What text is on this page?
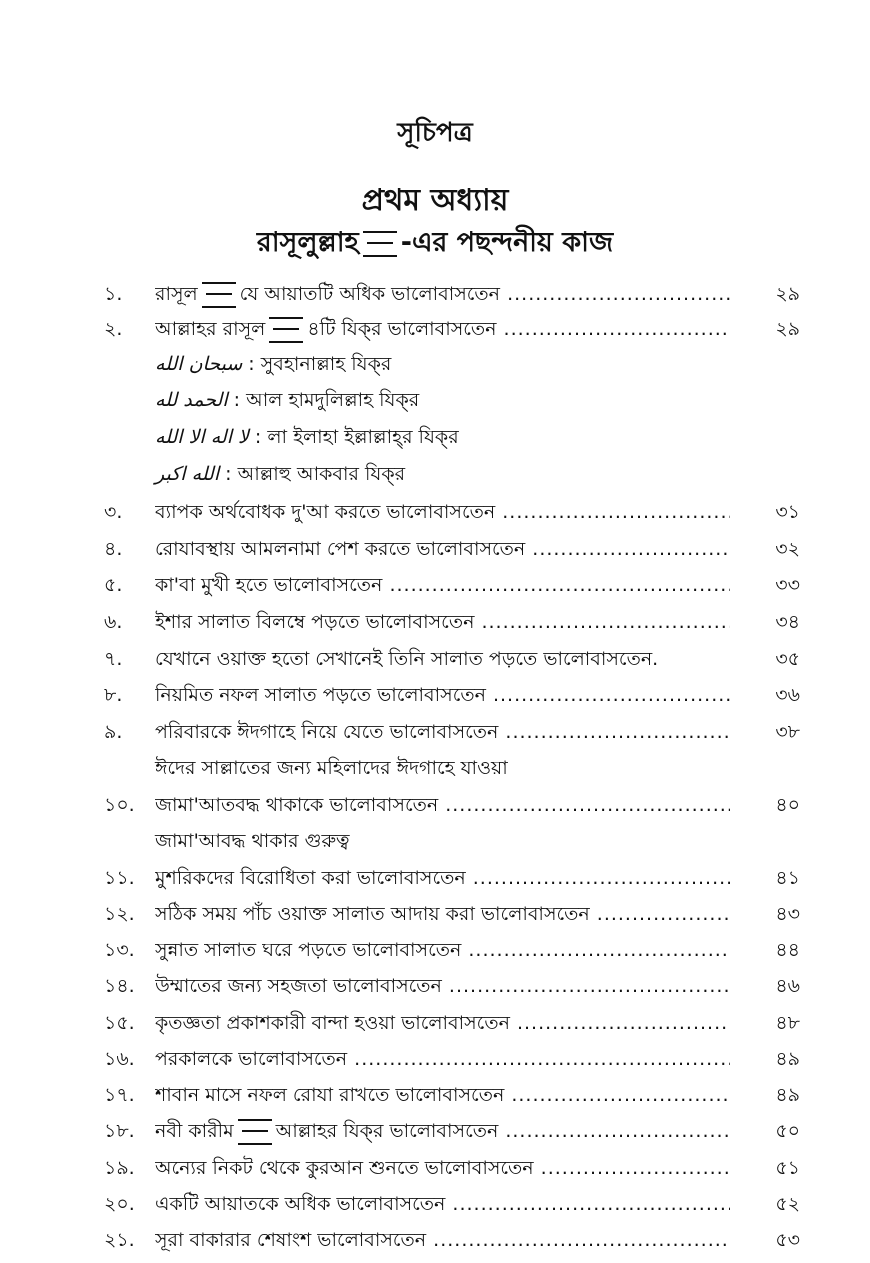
সূচিপত্র
প্রথম অধ্যায়
রাসূলুল্লাহ -এর পছন্দনীয় কাজ
১.	রাসূল যে আয়াতটি অধিক ভালোবাসতেন .....	২৯
২.	আল্লাহর রাসূল ৪টি যিক্‌র ভালোবাসতেন .....	২৯
سبحان الله : সুবহানাল্লাহ যিক্‌র
الحمد لله : আল হামদুলিল্লাহ যিক্‌র
لا اله الا الله : লা ইলাহা ইল্লাল্লাহ্‌র যিক্‌র
الله اكبر : আল্লাহু আকবার যিক্‌র
৩.	ব্যাপক অর্থবোধক দু'আ করতে ভালোবাসতেন .....	৩১
৪.	রোযাবস্থায় আমলনামা পেশ করতে ভালোবাসতেন .....	৩২
৫.	কা'বা মুখী হতে ভালোবাসতেন .....	৩৩
৬.	ইশার সালাত বিলম্বে পড়তে ভালোবাসতেন .....	৩৪
৭.	যেখানে ওয়াক্ত হতো সেখানেই তিনি সালাত পড়তে ভালোবাসতেন.	৩৫
৮.	নিয়মিত নফল সালাত পড়তে ভালোবাসতেন .....	৩৬
৯.	পরিবারকে ঈদগাহে নিয়ে যেতে ভালোবাসতেন .....	৩৮
ঈদের সাল্লাতের জন্য মহিলাদের ঈদগাহে যাওয়া
১০.	জামা'আতবদ্ধ থাকাকে ভালোবাসতেন .....	৪০
জামা'আবদ্ধ থাকার গুরুত্ব
১১.	মুশরিকদের বিরোধিতা করা ভালোবাসতেন .....	৪১
১২.	সঠিক সময় পাঁচ ওয়াক্ত সালাত আদায় করা ভালোবাসতেন .....	৪৩
১৩.	সুন্নাত সালাত ঘরে পড়তে ভালোবাসতেন .....	৪৪
১৪.	উম্মাতের জন্য সহজতা ভালোবাসতেন .....	৪৬
১৫.	কৃতজ্ঞতা প্রকাশকারী বান্দা হওয়া ভালোবাসতেন .....	৪৮
১৬.	পরকালকে ভালোবাসতেন .....	৪৯
১৭.	শাবান মাসে নফল রোযা রাখতে ভালোবাসতেন .....	৪৯
১৮.	নবী কারীম আল্লাহর যিক্‌র ভালোবাসতেন .....	৫০
১৯.	অন্যের নিকট থেকে কুরআন শুনতে ভালোবাসতেন .....	৫১
২০.	একটি আয়াতকে অধিক ভালোবাসতেন .....	৫২
২১.	সূরা বাকারার শেষাংশ ভালোবাসতেন .....	৫৩
